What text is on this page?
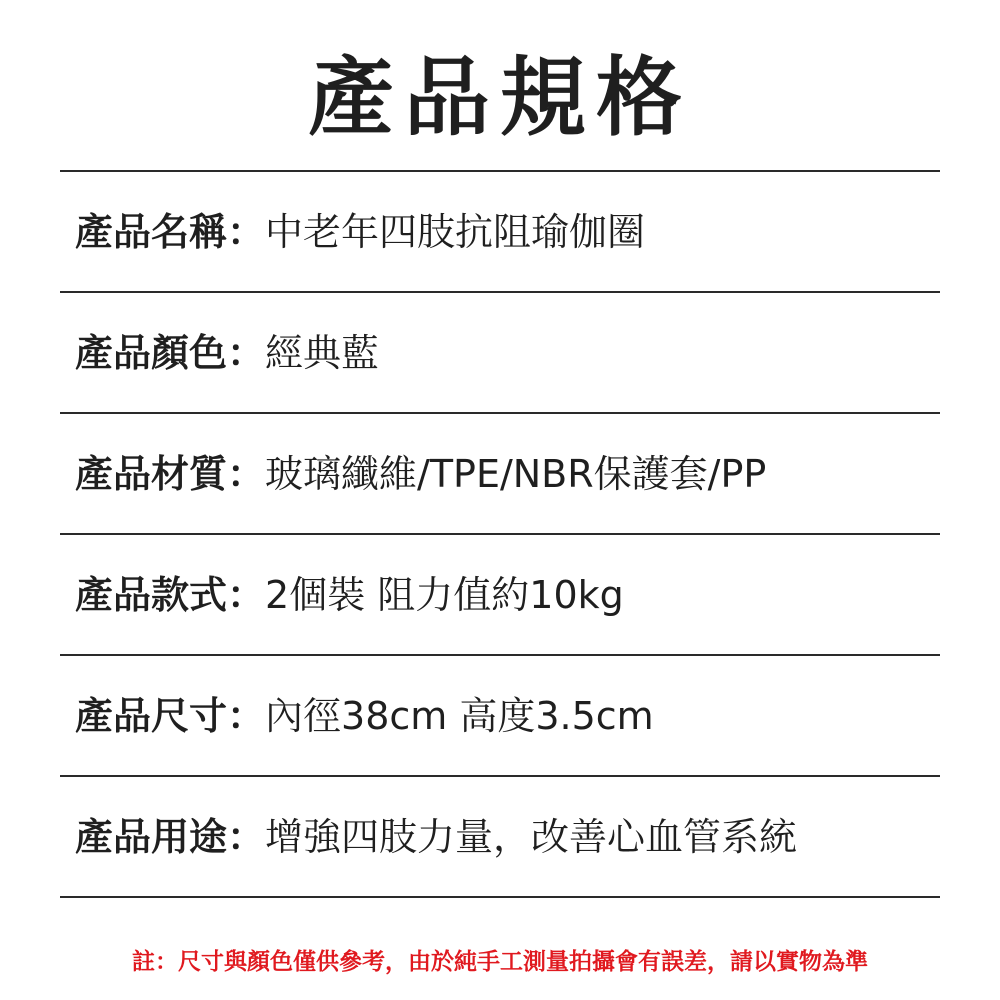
產品規格
產品名稱： 中老年四肢抗阻瑜伽圈
產品顏色： 經典藍
產品材質： 玻璃纖維/TPE/NBR保護套/PP
產品款式： 2個裝 阻力值約10kg
產品尺寸： 內徑38cm 高度3.5cm
產品用途： 增強四肢力量，改善心血管系統
註：尺寸與顏色僅供參考，由於純手工測量拍攝會有誤差，請以實物為準
